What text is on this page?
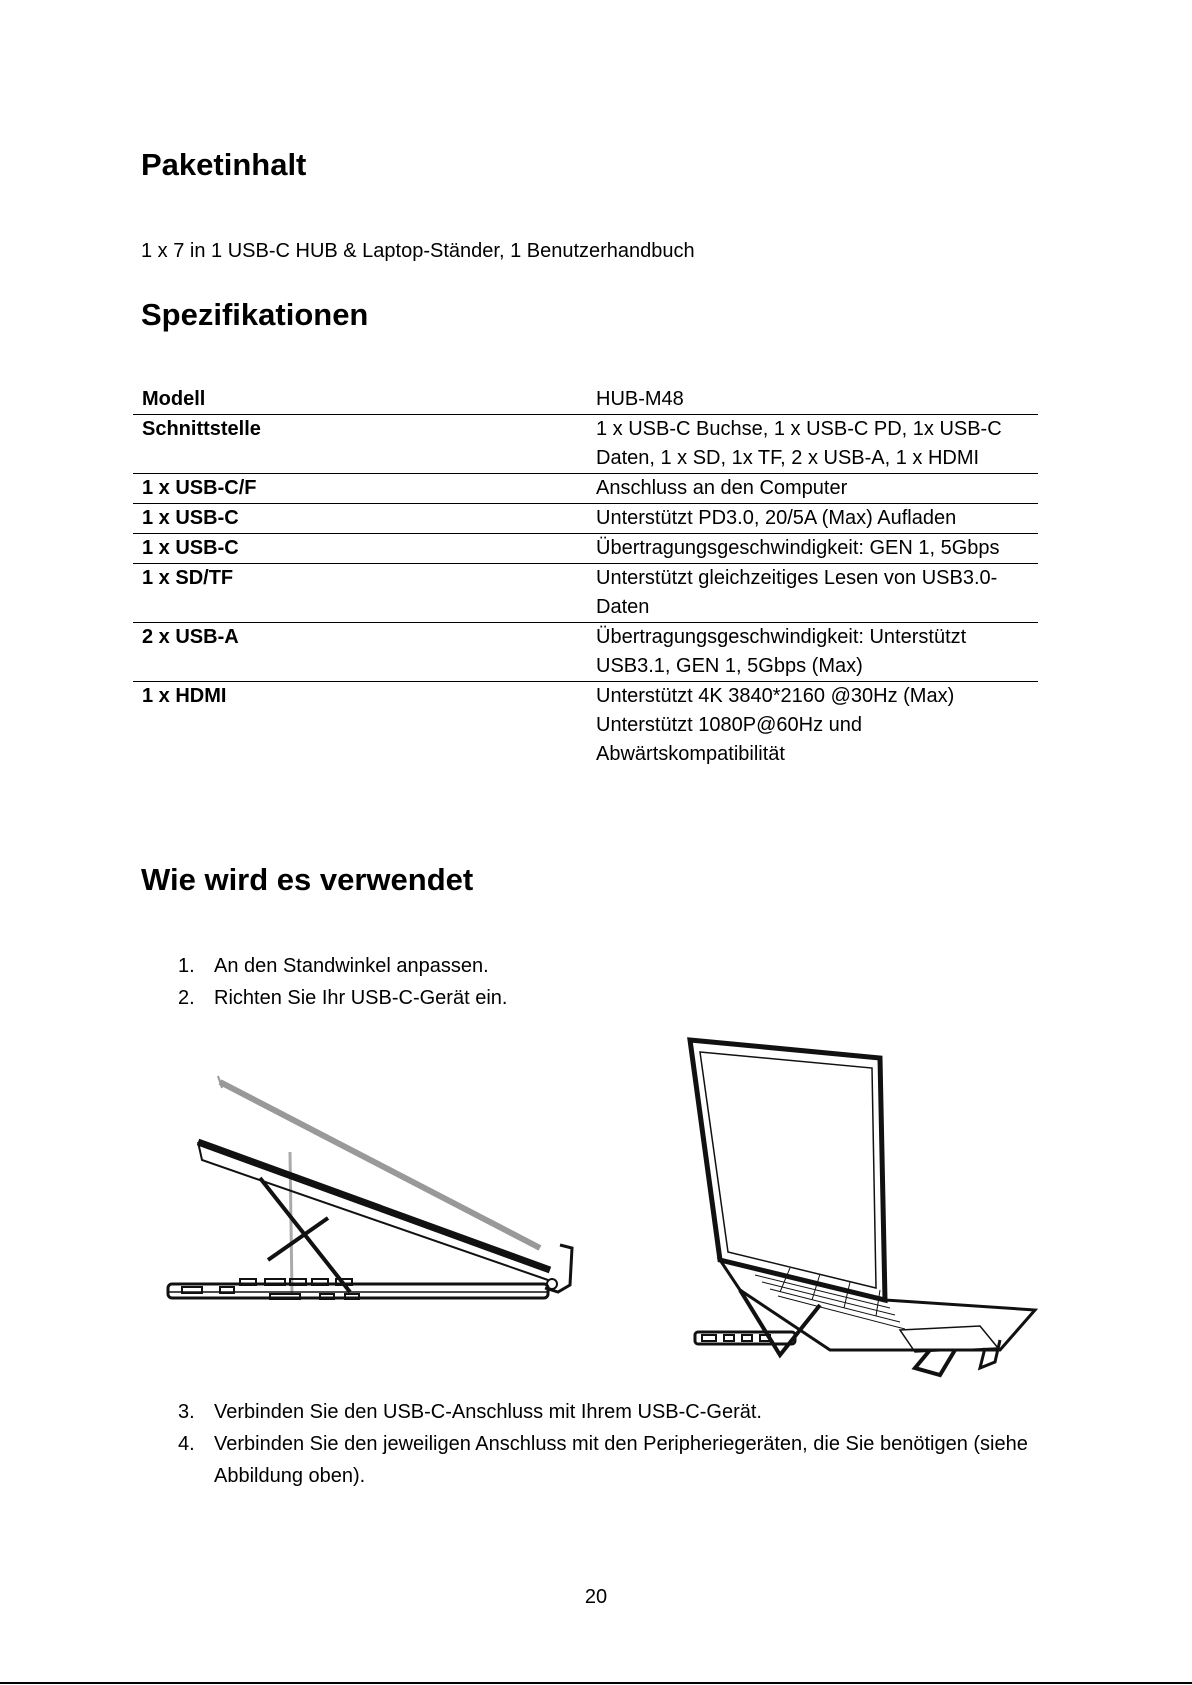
Paketinhalt

1 x 7 in 1 USB-C HUB & Laptop-Ständer, 1 Benutzerhandbuch

Spezifikationen
Modell	HUB-M48
Schnittstelle	1 x USB-C Buchse, 1 x USB-C PD, 1x USB-C Daten, 1 x SD, 1x TF, 2 x USB-A, 1 x HDMI
1 x USB-C/F	Anschluss an den Computer
1 x USB-C	Unterstützt PD3.0, 20/5A (Max) Aufladen
1 x USB-C	Übertragungsgeschwindigkeit: GEN 1, 5Gbps
1 x SD/TF	Unterstützt gleichzeitiges Lesen von USB3.0-Daten
2 x USB-A	Übertragungsgeschwindigkeit: Unterstützt USB3.1, GEN 1, 5Gbps (Max)
1 x HDMI	Unterstützt 4K 3840*2160 @30Hz (Max) Unterstützt 1080P@60Hz und Abwärtskompatibilität
Wie wird es verwendet
1. An den Standwinkel anpassen.
2. Richten Sie Ihr USB-C-Gerät ein.
3. Verbinden Sie den USB-C-Anschluss mit Ihrem USB-C-Gerät.
4. Verbinden Sie den jeweiligen Anschluss mit den Peripheriegeräten, die Sie benötigen (siehe Abbildung oben).
20
